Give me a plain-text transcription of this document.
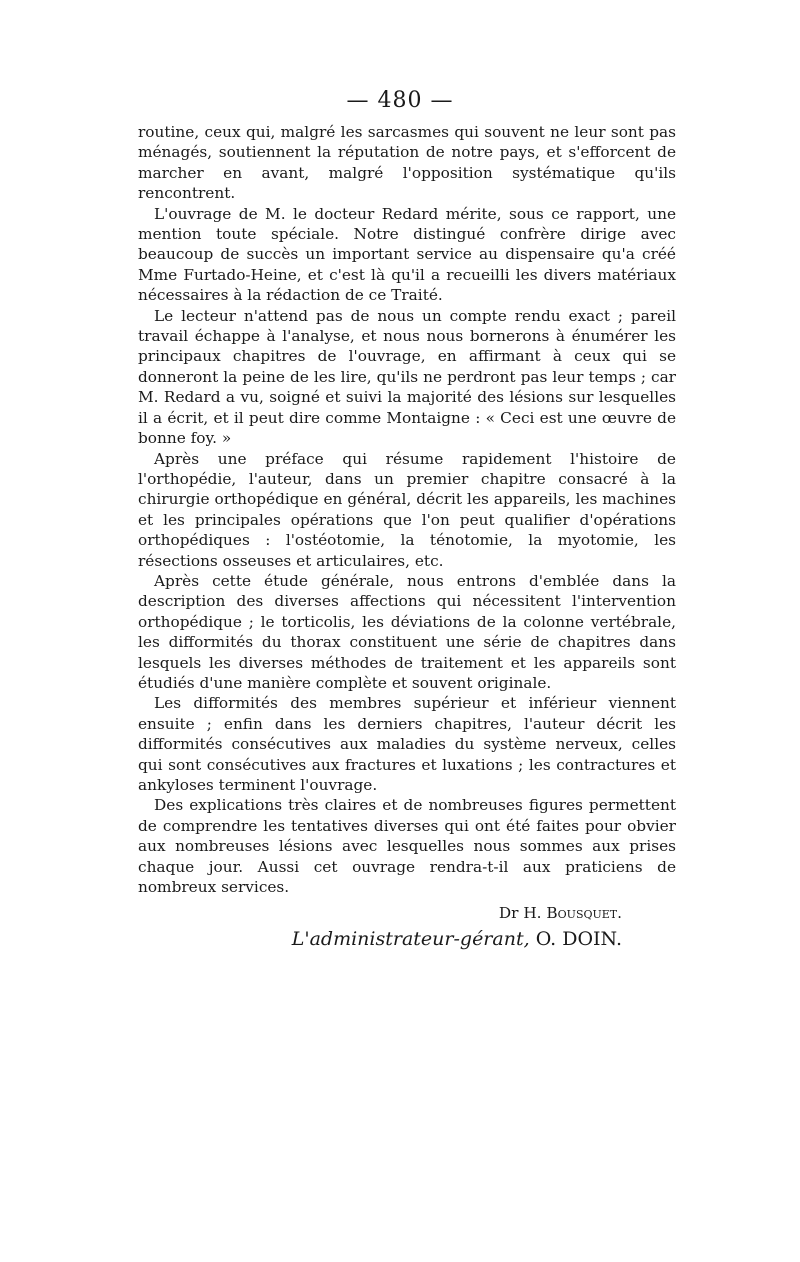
— 480 —

routine, ceux qui, malgré les sarcasmes qui souvent ne leur sont pas ménagés, soutiennent la réputation de notre pays, et s'efforcent de marcher en avant, malgré l'opposition systématique qu'ils rencontrent.

L'ouvrage de M. le docteur Redard mérite, sous ce rapport, une mention toute spéciale. Notre distingué confrère dirige avec beaucoup de succès un important service au dispensaire qu'a créé Mme Furtado-Heine, et c'est là qu'il a recueilli les divers matériaux nécessaires à la rédaction de ce Traité.

Le lecteur n'attend pas de nous un compte rendu exact ; pareil travail échappe à l'analyse, et nous nous bornerons à énumérer les principaux chapitres de l'ouvrage, en affirmant à ceux qui se donneront la peine de les lire, qu'ils ne perdront pas leur temps ; car M. Redard a vu, soigné et suivi la majorité des lésions sur lesquelles il a écrit, et il peut dire comme Montaigne : « Ceci est une œuvre de bonne foy. »

Après une préface qui résume rapidement l'histoire de l'orthopédie, l'auteur, dans un premier chapitre consacré à la chirurgie orthopédique en général, décrit les appareils, les machines et les principales opérations que l'on peut qualifier d'opérations orthopédiques : l'ostéotomie, la ténotomie, la myotomie, les résections osseuses et articulaires, etc.

Après cette étude générale, nous entrons d'emblée dans la description des diverses affections qui nécessitent l'intervention orthopédique ; le torticolis, les déviations de la colonne vertébrale, les difformités du thorax constituent une série de chapitres dans lesquels les diverses méthodes de traitement et les appareils sont étudiés d'une manière complète et souvent originale.

Les difformités des membres supérieur et inférieur viennent ensuite ; enfin dans les derniers chapitres, l'auteur décrit les difformités consécutives aux maladies du système nerveux, celles qui sont consécutives aux fractures et luxations ; les contractures et ankyloses terminent l'ouvrage.

Des explications très claires et de nombreuses figures permettent de comprendre les tentatives diverses qui ont été faites pour obvier aux nombreuses lésions avec lesquelles nous sommes aux prises chaque jour. Aussi cet ouvrage rendra-t-il aux praticiens de nombreux services.

Dr H. Bousquet.
L'administrateur-gérant, O. DOIN.
